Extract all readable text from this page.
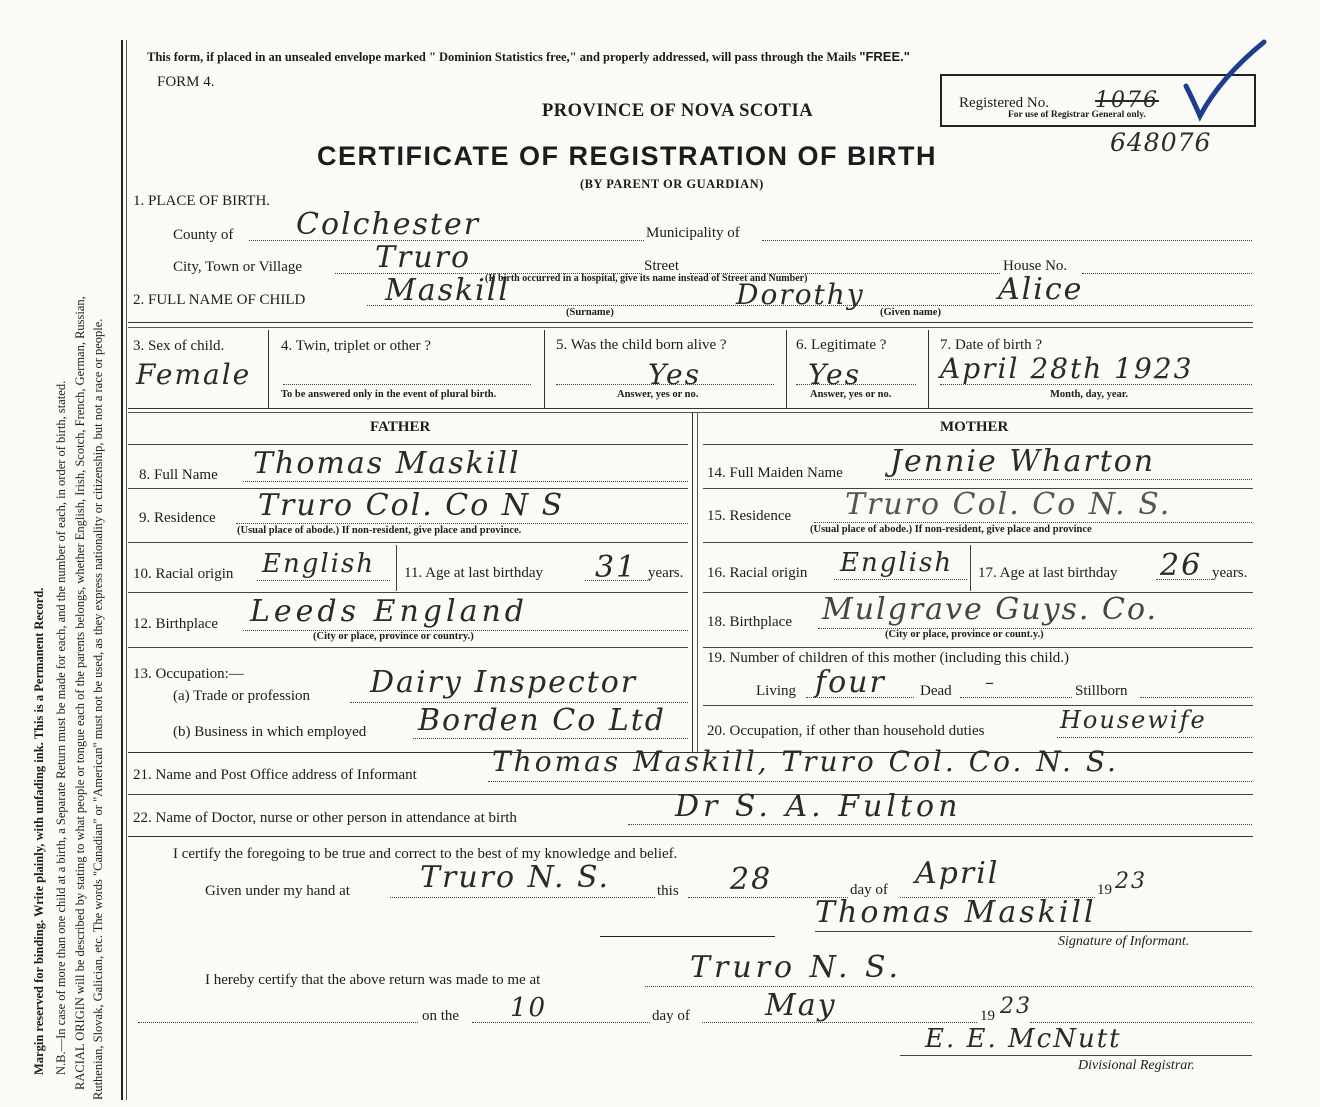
Margin reserved for binding. Write plainly, with unfading ink. This is a Permanent Record. N.B.—In case of more than one child at a birth, a Separate Return must be made for each, and the number of each, in order of birth, stated. RACIAL ORIGIN will be described by stating to what people or tongue each of the parents belongs, whether English, Irish, Scotch, French, German, Russian, Ruthenian, Slovak, Galician, etc. The words "Canadian" or "American" must not be used, as they express nationality or citizenship, but not a race or people.
This form, if placed in an unsealed envelope marked " Dominion Statistics free," and properly addressed, will pass through the Mails "FREE."
FORM 4.
PROVINCE OF NOVA SCOTIA	Registered No. 1076
For use of Registrar General only.
648076
CERTIFICATE OF REGISTRATION OF BIRTH
(BY PARENT OR GUARDIAN)
1. PLACE OF BIRTH.
County of Colchester	Municipality of
City, Town or Village Truro	Street
(If birth occurred in a hospital, give its name instead of Street and Number)
House No.
2. FULL NAME OF CHILD	Maskill	Dorothy	Alice
(Surname)	(Given name)
3. Sex of child.
Female
4. Twin, triplet or other ?
To be answered only in the event of plural birth.
5. Was the child born alive ?
Yes
Answer, yes or no.
6. Legitimate ?
Yes
Answer, yes or no.
7. Date of birth ?
April 28th 1923
Month, day, year.
FATHER	MOTHER
8. Full Name Thomas Maskill
9. Residence Truro Col. Co N S
(Usual place of abode.) If non-resident, give place and province.
10. Racial origin English 11. Age at last birthday 31 years.
12. Birthplace Leeds England
(City or place, province or country.)
13. Occupation:—
(a) Trade or profession Dairy Inspector
(b) Business in which employed Borden Co Ltd
14. Full Maiden Name Jennie Wharton
15. Residence Truro Col. Co N. S.
(Usual place of abode.) If non-resident, give place and province
16. Racial origin English 17. Age at last birthday 26 years.
18. Birthplace Mulgrave Guys. Co.
(City or place, province or count.y.)
19. Number of children of this mother (including this child.)
Living four Dead –	Stillborn
20. Occupation, if other than household duties	Housewife
21. Name and Post Office address of Informant	Thomas Maskill, Truro Col. Co. N. S.
22. Name of Doctor, nurse or other person in attendance at birth	Dr S. A. Fulton
I certify the foregoing to be true and correct to the best of my knowledge and belief.
Given under my hand at Truro N. S.	this 28	day of April	19 23
Thomas Maskill
Signature of Informant.
I hereby certify that the above return was made to me at	Truro N. S.
on the 10	day of	May	19 23
E. E. McNutt
Divisional Registrar.
